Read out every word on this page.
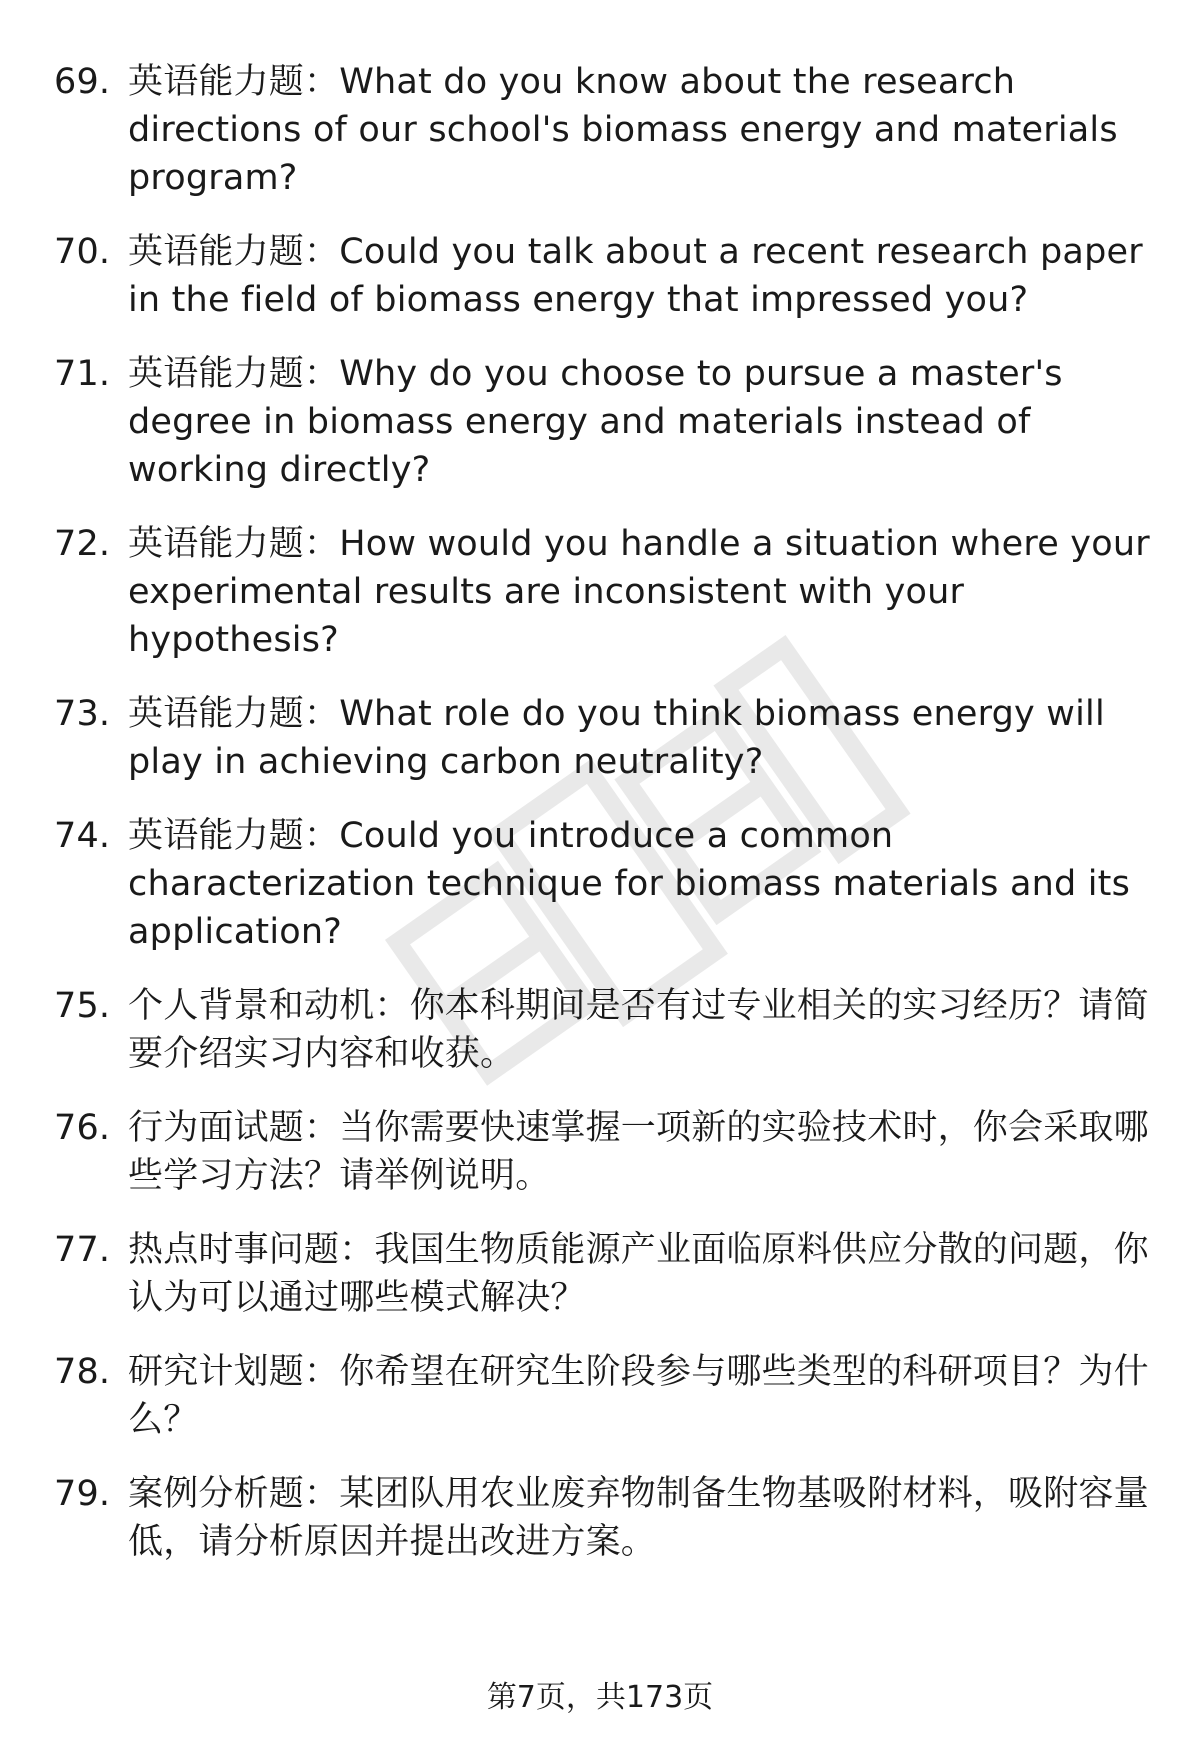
69. 英语能力题：What do you know about the research directions of our school's biomass energy and materials program?
70. 英语能力题：Could you talk about a recent research paper in the field of biomass energy that impressed you?
71. 英语能力题：Why do you choose to pursue a master's degree in biomass energy and materials instead of working directly?
72. 英语能力题：How would you handle a situation where your experimental results are inconsistent with your hypothesis?
73. 英语能力题：What role do you think biomass energy will play in achieving carbon neutrality?
74. 英语能力题：Could you introduce a common characterization technique for biomass materials and its application?
75. 个人背景和动机：你本科期间是否有过专业相关的实习经历？请简要介绍实习内容和收获。
76. 行为面试题：当你需要快速掌握一项新的实验技术时，你会采取哪些学习方法？请举例说明。
77. 热点时事问题：我国生物质能源产业面临原料供应分散的问题，你认为可以通过哪些模式解决？
78. 研究计划题：你希望在研究生阶段参与哪些类型的科研项目？为什么？
79. 案例分析题：某团队用农业废弃物制备生物基吸附材料，吸附容量低，请分析原因并提出改进方案。
第7页，共173页
